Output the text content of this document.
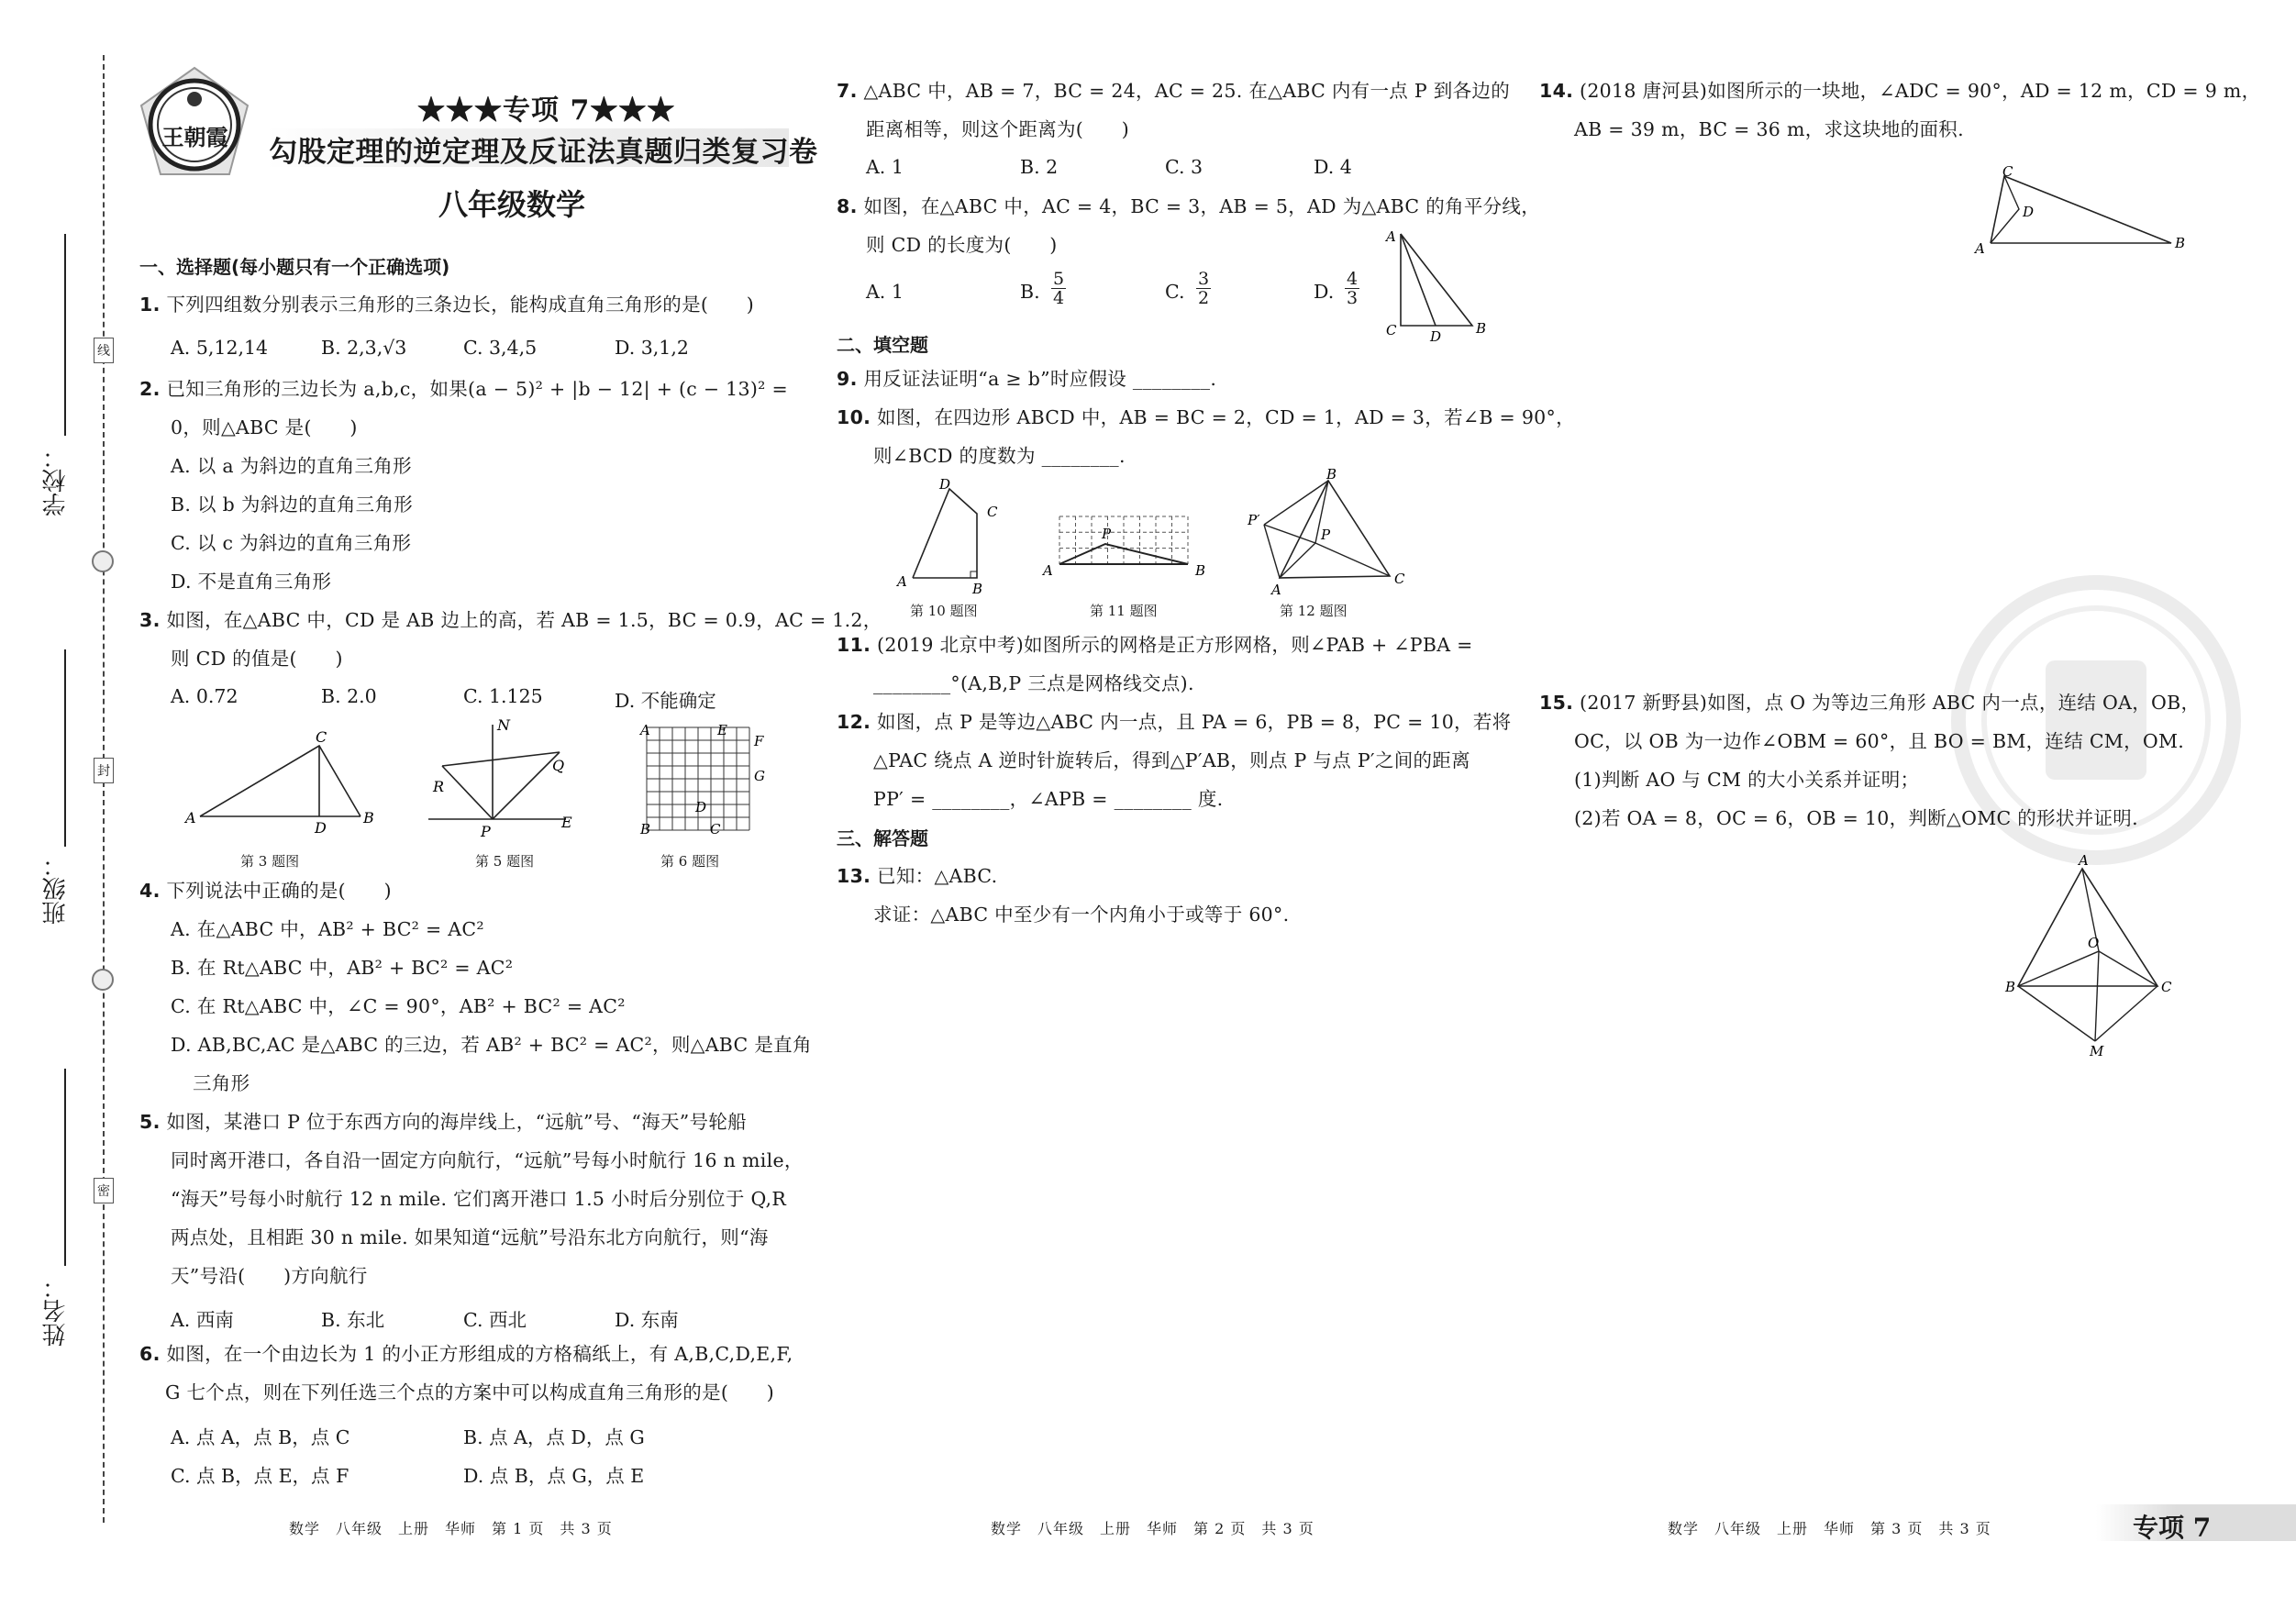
线
封
密
学校：
班级：
姓名：
王朝霞
★★★专项 7★★★
勾股定理的逆定理及反证法真题归类复习卷
八年级数学
一、选择题(每小题只有一个正确选项)
1. 下列四组数分别表示三角形的三条边长，能构成直角三角形的是(　　)
A. 5,12,14	B. 2,3,√3	C. 3,4,5	D. 3,1,2
2. 已知三角形的三边长为 a,b,c，如果(a − 5)² + |b − 12| + (c − 13)² =
0，则△ABC 是(　　)
A. 以 a 为斜边的直角三角形
B. 以 b 为斜边的直角三角形
C. 以 c 为斜边的直角三角形
D. 不是直角三角形
3. 如图，在△ABC 中，CD 是 AB 边上的高，若 AB = 1.5，BC = 0.9，AC = 1.2，
则 CD 的值是(　　)
A. 0.72	B. 2.0	C. 1.125	D. 不能确定
A	B
C
D
N
Q
R
P
E
A	E
F
G
D
B	C
第 3 题图	第 5 题图	第 6 题图
4. 下列说法中正确的是(　　)
A. 在△ABC 中，AB² + BC² = AC²
B. 在 Rt△ABC 中，AB² + BC² = AC²
C. 在 Rt△ABC 中，∠C = 90°，AB² + BC² = AC²
D. AB,BC,AC 是△ABC 的三边，若 AB² + BC² = AC²，则△ABC 是直角
三角形
5. 如图，某港口 P 位于东西方向的海岸线上，“远航”号、“海天”号轮船
同时离开港口，各自沿一固定方向航行，“远航”号每小时航行 16 n mile，
“海天”号每小时航行 12 n mile. 它们离开港口 1.5 小时后分别位于 Q,R
两点处，且相距 30 n mile. 如果知道“远航”号沿东北方向航行，则“海
天”号沿(　　)方向航行
A. 西南	B. 东北	C. 西北	D. 东南
6. 如图，在一个由边长为 1 的小正方形组成的方格稿纸上，有 A,B,C,D,E,F,
G 七个点，则在下列任选三个点的方案中可以构成直角三角形的是(　　)
A. 点 A，点 B，点 C	B. 点 A，点 D，点 G
C. 点 B，点 E，点 F	D. 点 B，点 G，点 E
7. △ABC 中，AB = 7，BC = 24，AC = 25. 在△ABC 内有一点 P 到各边的
距离相等，则这个距离为(　　)
A. 1	B. 2	C. 3	D. 4
8. 如图，在△ABC 中，AC = 4，BC = 3，AB = 5，AD 为△ABC 的角平分线，
则 CD 的长度为(　　)
A. 1	B.	C.	D.
5
4
3
2
4
3
A
C D	B
二、填空题
9. 用反证法证明“a ≥ b”时应假设 ________.
10. 如图，在四边形 ABCD 中，AB = BC = 2，CD = 1，AD = 3，若∠B = 90°，
则∠BCD 的度数为 ________.
D
C
A	B
P
A	B
B
P′
P
A
C
第 10 题图	第 11 题图	第 12 题图
11. (2019 北京中考)如图所示的网格是正方形网格，则∠PAB + ∠PBA =
________°(A,B,P 三点是网格线交点).
12. 如图，点 P 是等边△ABC 内一点，且 PA = 6，PB = 8，PC = 10，若将
△PAC 绕点 A 逆时针旋转后，得到△P′AB，则点 P 与点 P′之间的距离
PP′ = ________，∠APB = ________ 度.
三、解答题
13. 已知：△ABC.
求证：△ABC 中至少有一个内角小于或等于 60°.
14. (2018 唐河县)如图所示的一块地，∠ADC = 90°，AD = 12 m，CD = 9 m，
AB = 39 m，BC = 36 m，求这块地的面积.
C
D
A	B
15. (2017 新野县)如图，点 O 为等边三角形 ABC 内一点，连结 OA，OB，
OC，以 OB 为一边作∠OBM = 60°，且 BO = BM，连结 CM，OM.
(1)判断 AO 与 CM 的大小关系并证明；
(2)若 OA = 8，OC = 6，OB = 10，判断△OMC 的形状并证明.
A
O
B	C
M
数学　八年级　上册　华师　第 1 页　共 3 页	数学　八年级　上册　华师　第 2 页　共 3 页	数学　八年级　上册　华师　第 3 页　共 3 页	专项 7
